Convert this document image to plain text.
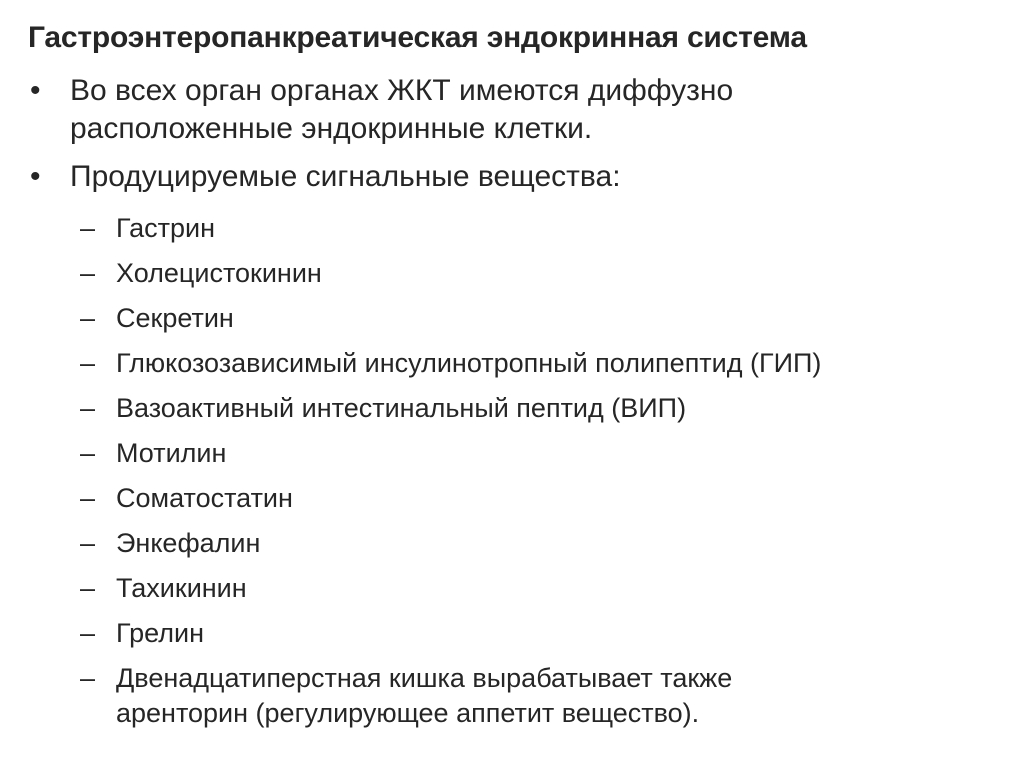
Гастроэнтеропанкреатическая эндокринная система
• Во всех орган органах ЖКТ имеются диффузно расположенные эндокринные клетки.
• Продуцируемые сигнальные вещества:
– Гастрин
– Холецистокинин
– Секретин
– Глюкозозависимый инсулинотропный полипептид (ГИП)
– Вазоактивный интестинальный пептид (ВИП)
– Мотилин
– Соматостатин
– Энкефалин
– Тахикинин
– Грелин
– Двенадцатиперстная кишка вырабатывает также аренторин (регулирующее аппетит вещество).
